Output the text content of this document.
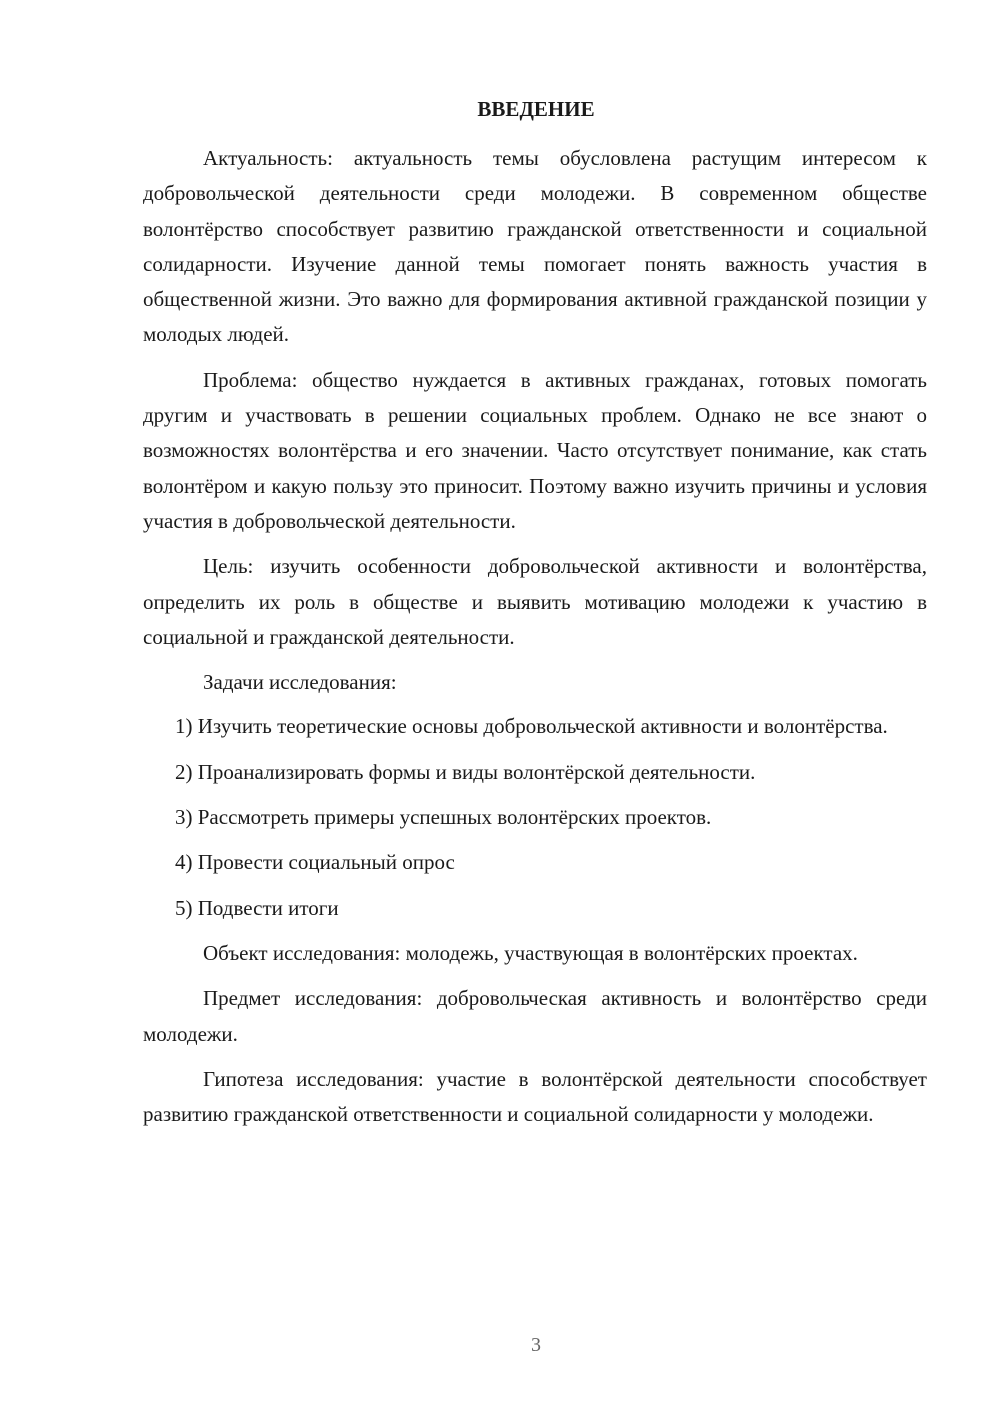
ВВЕДЕНИЕ

Актуальность: актуальность темы обусловлена растущим интересом к добровольческой деятельности среди молодежи. В современном обществе волонтёрство способствует развитию гражданской ответственности и социальной солидарности. Изучение данной темы помогает понять важность участия в общественной жизни. Это важно для формирования активной гражданской позиции у молодых людей.

Проблема: общество нуждается в активных гражданах, готовых помогать другим и участвовать в решении социальных проблем. Однако не все знают о возможностях волонтёрства и его значении. Часто отсутствует понимание, как стать волонтёром и какую пользу это приносит. Поэтому важно изучить причины и условия участия в добровольческой деятельности.

Цель: изучить особенности добровольческой активности и волонтёрства, определить их роль в обществе и выявить мотивацию молодежи к участию в социальной и гражданской деятельности.

Задачи исследования:

1) Изучить теоретические основы добровольческой активности и волонтёрства.

2) Проанализировать формы и виды волонтёрской деятельности.

3) Рассмотреть примеры успешных волонтёрских проектов.

4) Провести социальный опрос

5) Подвести итоги

Объект исследования: молодежь, участвующая в волонтёрских проектах.

Предмет исследования: добровольческая активность и волонтёрство среди молодежи.

Гипотеза исследования: участие в волонтёрской деятельности способствует развитию гражданской ответственности и социальной солидарности у молодежи.

3
